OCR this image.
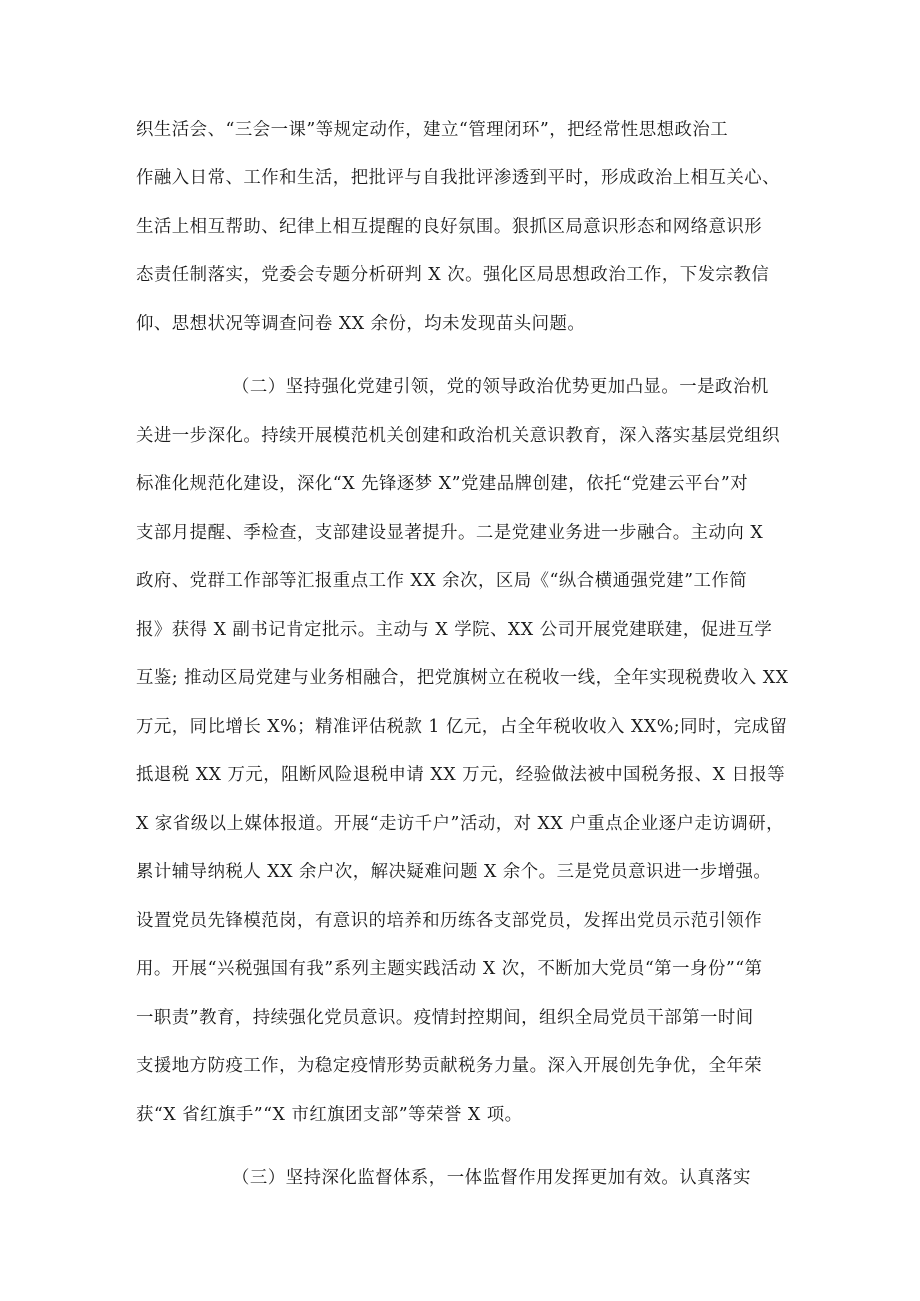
织生活会、“三会一课”等规定动作，建立“管理闭环”，把经常性思想政治工
作融入日常、工作和生活，把批评与自我批评渗透到平时，形成政治上相互关心、
生活上相互帮助、纪律上相互提醒的良好氛围。狠抓区局意识形态和网络意识形
态责任制落实，党委会专题分析研判 X 次。强化区局思想政治工作，下发宗教信
仰、思想状况等调查问卷 XX 余份，均未发现苗头问题。
（二）坚持强化党建引领，党的领导政治优势更加凸显。一是政治机
关进一步深化。持续开展模范机关创建和政治机关意识教育，深入落实基层党组织
标准化规范化建设，深化“X 先锋逐梦 X”党建品牌创建，依托“党建云平台”对
支部月提醒、季检查，支部建设显著提升。二是党建业务进一步融合。主动向 X
政府、党群工作部等汇报重点工作 XX 余次，区局《“纵合横通强党建”工作简
报》获得 X 副书记肯定批示。主动与 X 学院、XX 公司开展党建联建，促进互学
互鉴; 推动区局党建与业务相融合，把党旗树立在税收一线，全年实现税费收入 XX
万元，同比增长 X%；精准评估税款 1 亿元，占全年税收收入 XX%;同时，完成留
抵退税 XX 万元，阻断风险退税申请 XX 万元，经验做法被中国税务报、X 日报等
X 家省级以上媒体报道。开展“走访千户”活动，对 XX 户重点企业逐户走访调研，
累计辅导纳税人 XX 余户次，解决疑难问题 X 余个。三是党员意识进一步增强。
设置党员先锋模范岗，有意识的培养和历练各支部党员，发挥出党员示范引领作
用。开展“兴税强国有我”系列主题实践活动 X 次，不断加大党员“第一身份”“第
一职责”教育，持续强化党员意识。疫情封控期间，组织全局党员干部第一时间
支援地方防疫工作，为稳定疫情形势贡献税务力量。深入开展创先争优，全年荣
获“X 省红旗手”“X 市红旗团支部”等荣誉 X 项。
（三）坚持深化监督体系，一体监督作用发挥更加有效。认真落实
